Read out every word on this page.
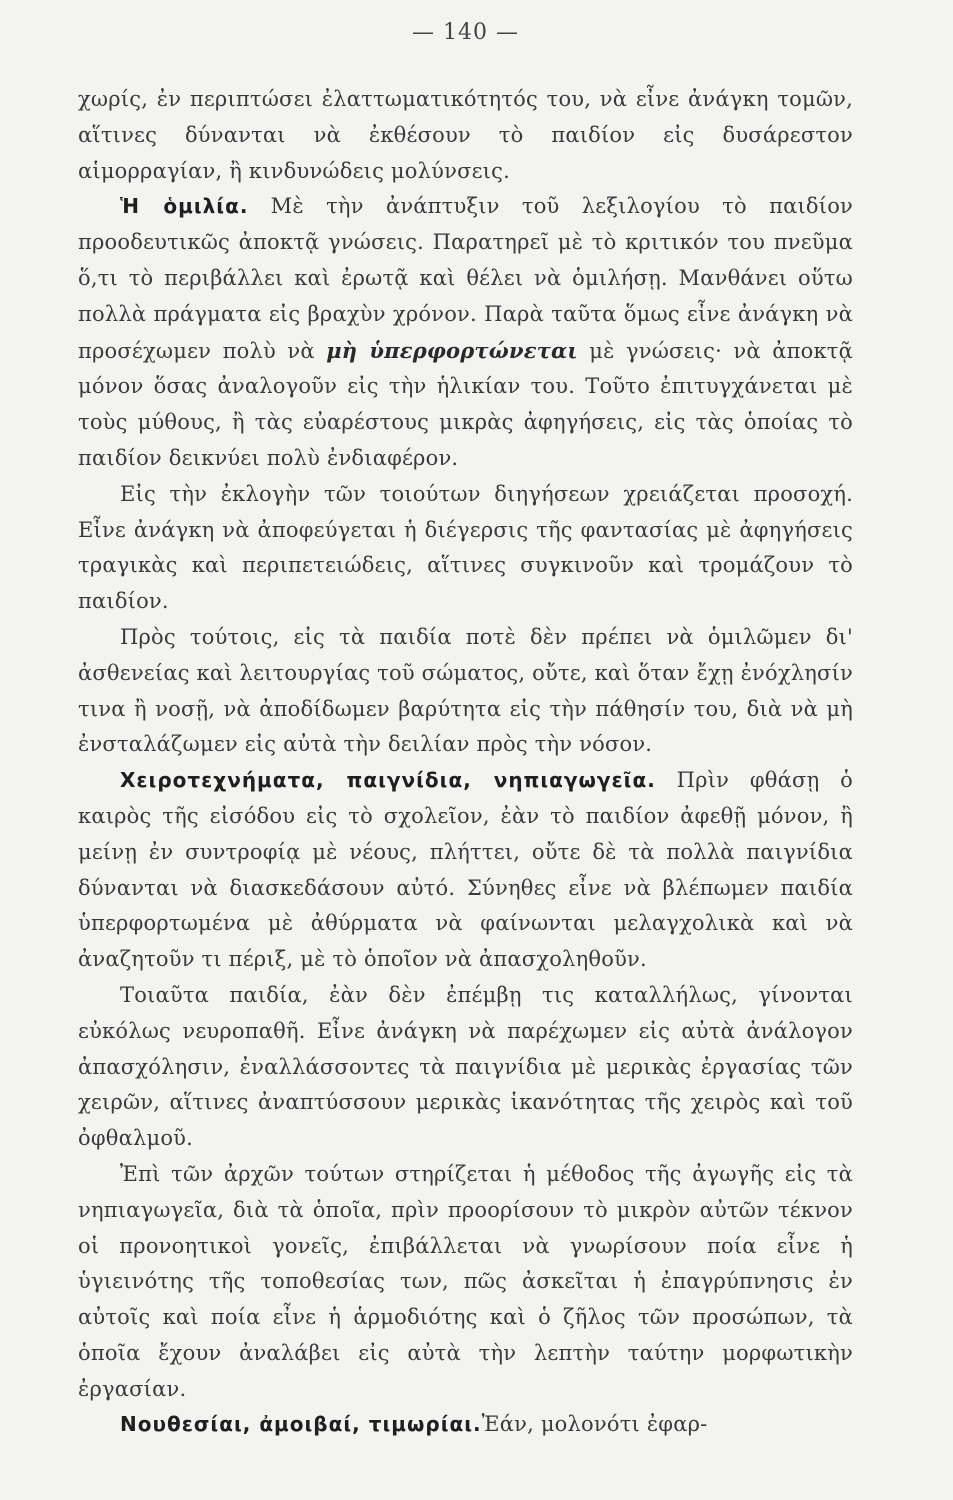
— 140 —

χωρίς, ἐν περιπτώσει ἐλαττωματικότητός του, νὰ εἶνε ἀνάγκη τομῶν, αἵτινες δύνανται νὰ ἐκθέσουν τὸ παιδίον εἰς δυσάρεστον αἱμορραγίαν, ἢ κινδυνώδεις μολύνσεις.

Ἡ ὁμιλία. Μὲ τὴν ἀνάπτυξιν τοῦ λεξιλογίου τὸ παιδίον προοδευτικῶς ἀποκτᾷ γνώσεις. Παρατηρεῖ μὲ τὸ κριτικόν του πνεῦμα ὅ,τι τὸ περιβάλλει καὶ ἐρωτᾷ καὶ θέλει νὰ ὁμιλήσῃ. Μανθάνει οὕτω πολλὰ πράγματα εἰς βραχὺν χρόνον. Παρὰ ταῦτα ὅμως εἶνε ἀνάγκη νὰ προσέχωμεν πολὺ νὰ μὴ ὑπερφορτώνεται μὲ γνώσεις· νὰ ἀποκτᾷ μόνον ὅσας ἀναλογοῦν εἰς τὴν ἡλικίαν του. Τοῦτο ἐπιτυγχάνεται μὲ τοὺς μύθους, ἢ τὰς εὐαρέστους μικρὰς ἀφηγήσεις, εἰς τὰς ὁποίας τὸ παιδίον δεικνύει πολὺ ἐνδιαφέρον.

Εἰς τὴν ἐκλογὴν τῶν τοιούτων διηγήσεων χρειάζεται προσοχή. Εἶνε ἀνάγκη νὰ ἀποφεύγεται ἡ διέγερσις τῆς φαντασίας μὲ ἀφηγήσεις τραγικὰς καὶ περιπετειώδεις, αἵτινες συγκινοῦν καὶ τρομάζουν τὸ παιδίον.

Πρὸς τούτοις, εἰς τὰ παιδία ποτὲ δὲν πρέπει νὰ ὁμιλῶμεν δι' ἀσθενείας καὶ λειτουργίας τοῦ σώματος, οὔτε, καὶ ὅταν ἔχῃ ἐνόχλησίν τινα ἢ νοσῇ, νὰ ἀποδίδωμεν βαρύτητα εἰς τὴν πάθησίν του, διὰ νὰ μὴ ἐνσταλάζωμεν εἰς αὐτὰ τὴν δειλίαν πρὸς τὴν νόσον.

Χειροτεχνήματα, παιγνίδια, νηπιαγωγεῖα. Πρὶν φθάσῃ ὁ καιρὸς τῆς εἰσόδου εἰς τὸ σχολεῖον, ἐὰν τὸ παιδίον ἀφεθῇ μόνον, ἢ μείνῃ ἐν συντροφίᾳ μὲ νέους, πλήττει, οὔτε δὲ τὰ πολλὰ παιγνίδια δύνανται νὰ διασκεδάσουν αὐτό. Σύνηθες εἶνε νὰ βλέπωμεν παιδία ὑπερφορτωμένα μὲ ἀθύρματα νὰ φαίνωνται μελαγχολικὰ καὶ νὰ ἀναζητοῦν τι πέριξ, μὲ τὸ ὁποῖον νὰ ἀπασχοληθοῦν.

Τοιαῦτα παιδία, ἐὰν δὲν ἐπέμβῃ τις καταλλήλως, γίνονται εὐκόλως νευροπαθῆ. Εἶνε ἀνάγκη νὰ παρέχωμεν εἰς αὐτὰ ἀνάλογον ἀπασχόλησιν, ἐναλλάσσοντες τὰ παιγνίδια μὲ μερικὰς ἐργασίας τῶν χειρῶν, αἵτινες ἀναπτύσσουν μερικὰς ἱκανότητας τῆς χειρὸς καὶ τοῦ ὀφθαλμοῦ.

Ἐπὶ τῶν ἀρχῶν τούτων στηρίζεται ἡ μέθοδος τῆς ἀγωγῆς εἰς τὰ νηπιαγωγεῖα, διὰ τὰ ὁποῖα, πρὶν προορίσουν τὸ μικρὸν αὐτῶν τέκνον οἱ προνοητικοὶ γονεῖς, ἐπιβάλλεται νὰ γνωρίσουν ποία εἶνε ἡ ὑγιεινότης τῆς τοποθεσίας των, πῶς ἀσκεῖται ἡ ἐπαγρύπνησις ἐν αὐτοῖς καὶ ποία εἶνε ἡ ἁρμοδιότης καὶ ὁ ζῆλος τῶν προσώπων, τὰ ὁποῖα ἔχουν ἀναλάβει εἰς αὐτὰ τὴν λεπτὴν ταύτην μορφωτικὴν ἐργασίαν.

Νουθεσίαι, ἀμοιβαί, τιμωρίαι.Ἐάν, μολονότι ἐφαρ-
